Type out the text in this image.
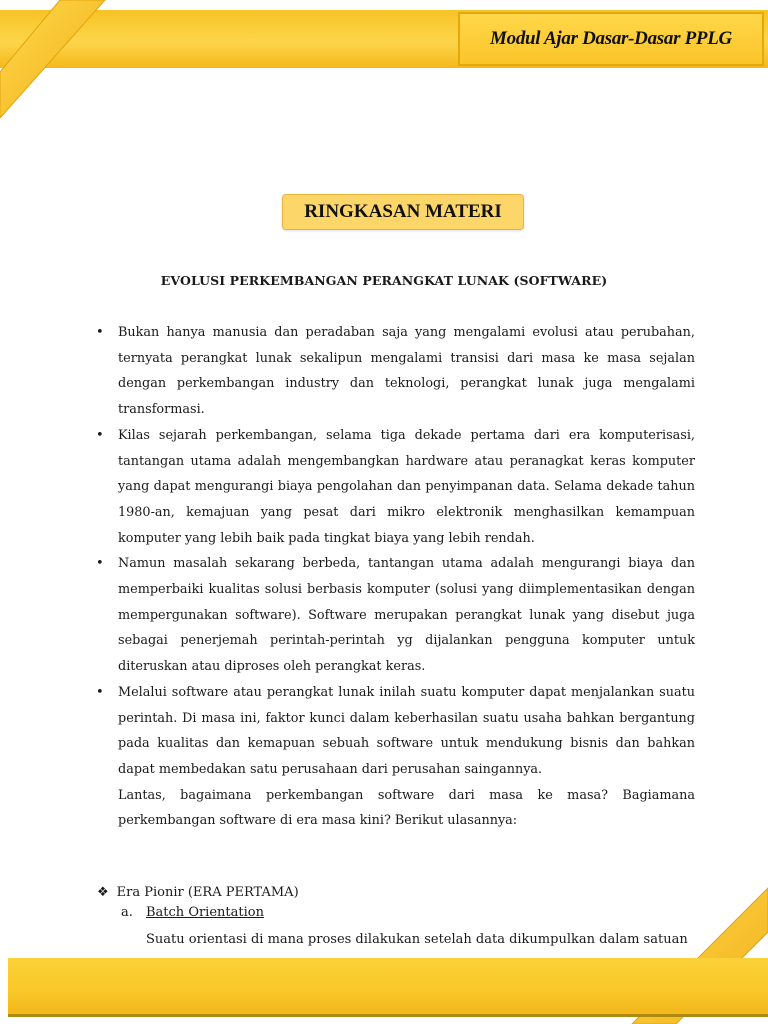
Modul Ajar Dasar-Dasar PPLG
RINGKASAN MATERI
EVOLUSI PERKEMBANGAN PERANGKAT LUNAK (SOFTWARE)

• Bukan hanya manusia dan peradaban saja yang mengalami evolusi atau perubahan, ternyata perangkat lunak sekalipun mengalami transisi dari masa ke masa sejalan dengan perkembangan industry dan teknologi, perangkat lunak juga mengalami transformasi.

• Kilas sejarah perkembangan, selama tiga dekade pertama dari era komputerisasi, tantangan utama adalah mengembangkan hardware atau peranagkat keras komputer yang dapat mengurangi biaya pengolahan dan penyimpanan data. Selama dekade tahun 1980-an, kemajuan yang pesat dari mikro elektronik menghasilkan kemampuan komputer yang lebih baik pada tingkat biaya yang lebih rendah.

• Namun masalah sekarang berbeda, tantangan utama adalah mengurangi biaya dan memperbaiki kualitas solusi berbasis komputer (solusi yang diimplementasikan dengan mempergunakan software). Software merupakan perangkat lunak yang disebut juga sebagai penerjemah perintah-perintah yg dijalankan pengguna komputer untuk diteruskan atau diproses oleh perangkat keras.

• Melalui software atau perangkat lunak inilah suatu komputer dapat menjalankan suatu perintah. Di masa ini, faktor kunci dalam keberhasilan suatu usaha bahkan bergantung pada kualitas dan kemapuan sebuah software untuk mendukung bisnis dan bahkan dapat membedakan satu perusahaan dari perusahan saingannya.

Lantas, bagaimana perkembangan software dari masa ke masa? Bagiamana perkembangan software di era masa kini? Berikut ulasannya:

❖ Era Pionir (ERA PERTAMA)
a. Batch Orientation
Suatu orientasi di mana proses dilakukan setelah data dikumpulkan dalam satuan
